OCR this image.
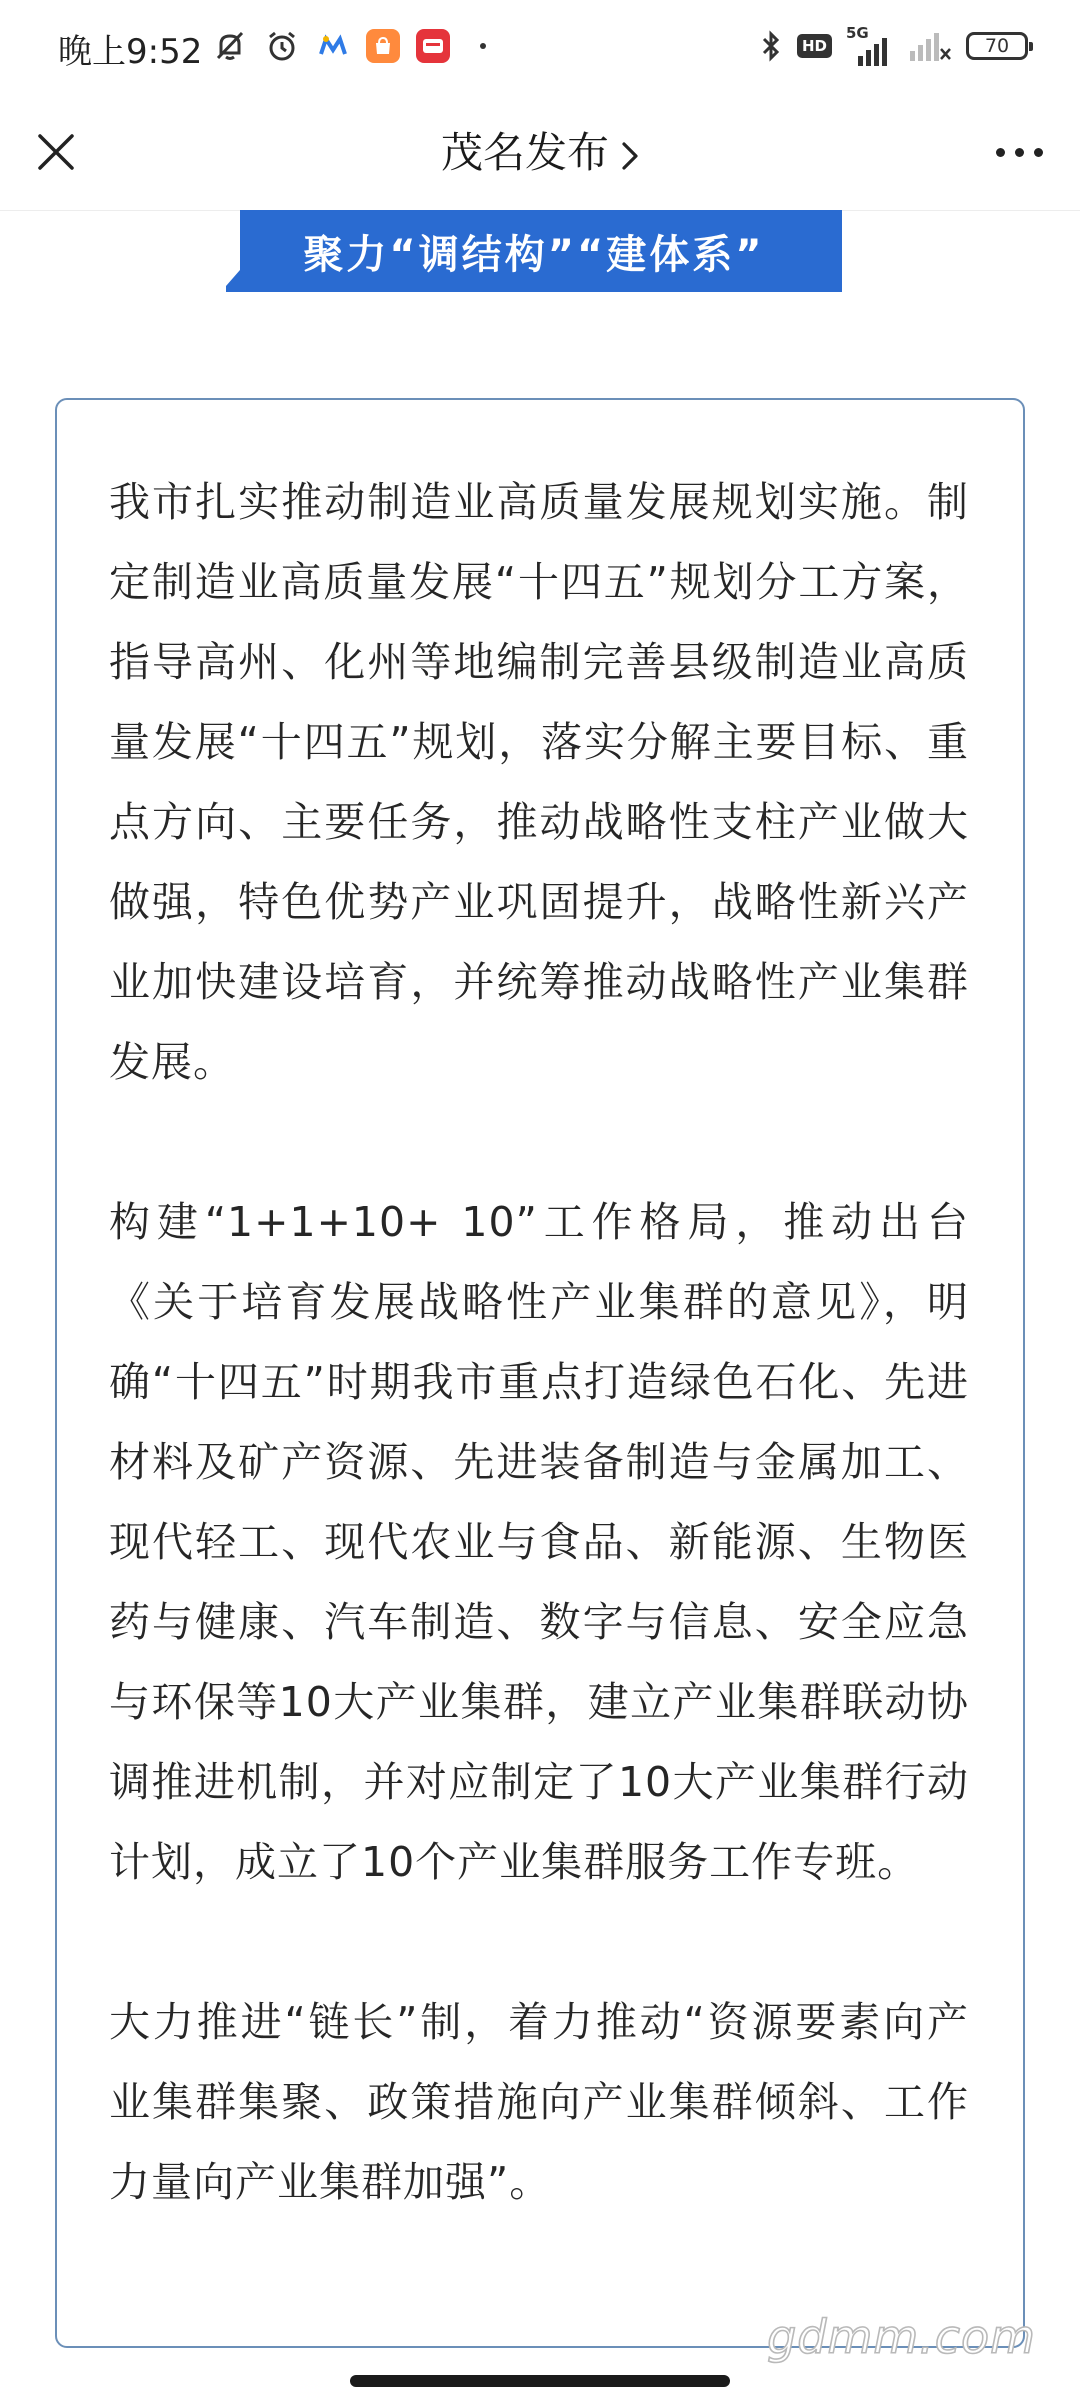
晚上9:52	HD
5G
70
茂名发布
聚力“调结构”“建体系”

我市扎实推动制造业高质量发展规划实施。制定制造业高质量发展“十四五”规划分工方案，指导高州、化州等地编制完善县级制造业高质量发展“十四五”规划，落实分解主要目标、重点方向、主要任务，推动战略性支柱产业做大做强，特色优势产业巩固提升，战略性新兴产业加快建设培育，并统筹推动战略性产业集群发展。

构建“1+1+10+ 10”工作格局，推动出台《关于培育发展战略性产业集群的意见》，明确“十四五”时期我市重点打造绿色石化、先进材料及矿产资源、先进装备制造与金属加工、现代轻工、现代农业与食品、新能源、生物医药与健康、汽车制造、数字与信息、安全应急与环保等10大产业集群，建立产业集群联动协调推进机制，并对应制定了10大产业集群行动计划，成立了10个产业集群服务工作专班。

大力推进“链长”制，着力推动“资源要素向产业集群集聚、政策措施向产业集群倾斜、工作力量向产业集群加强”。

gdmm.com
